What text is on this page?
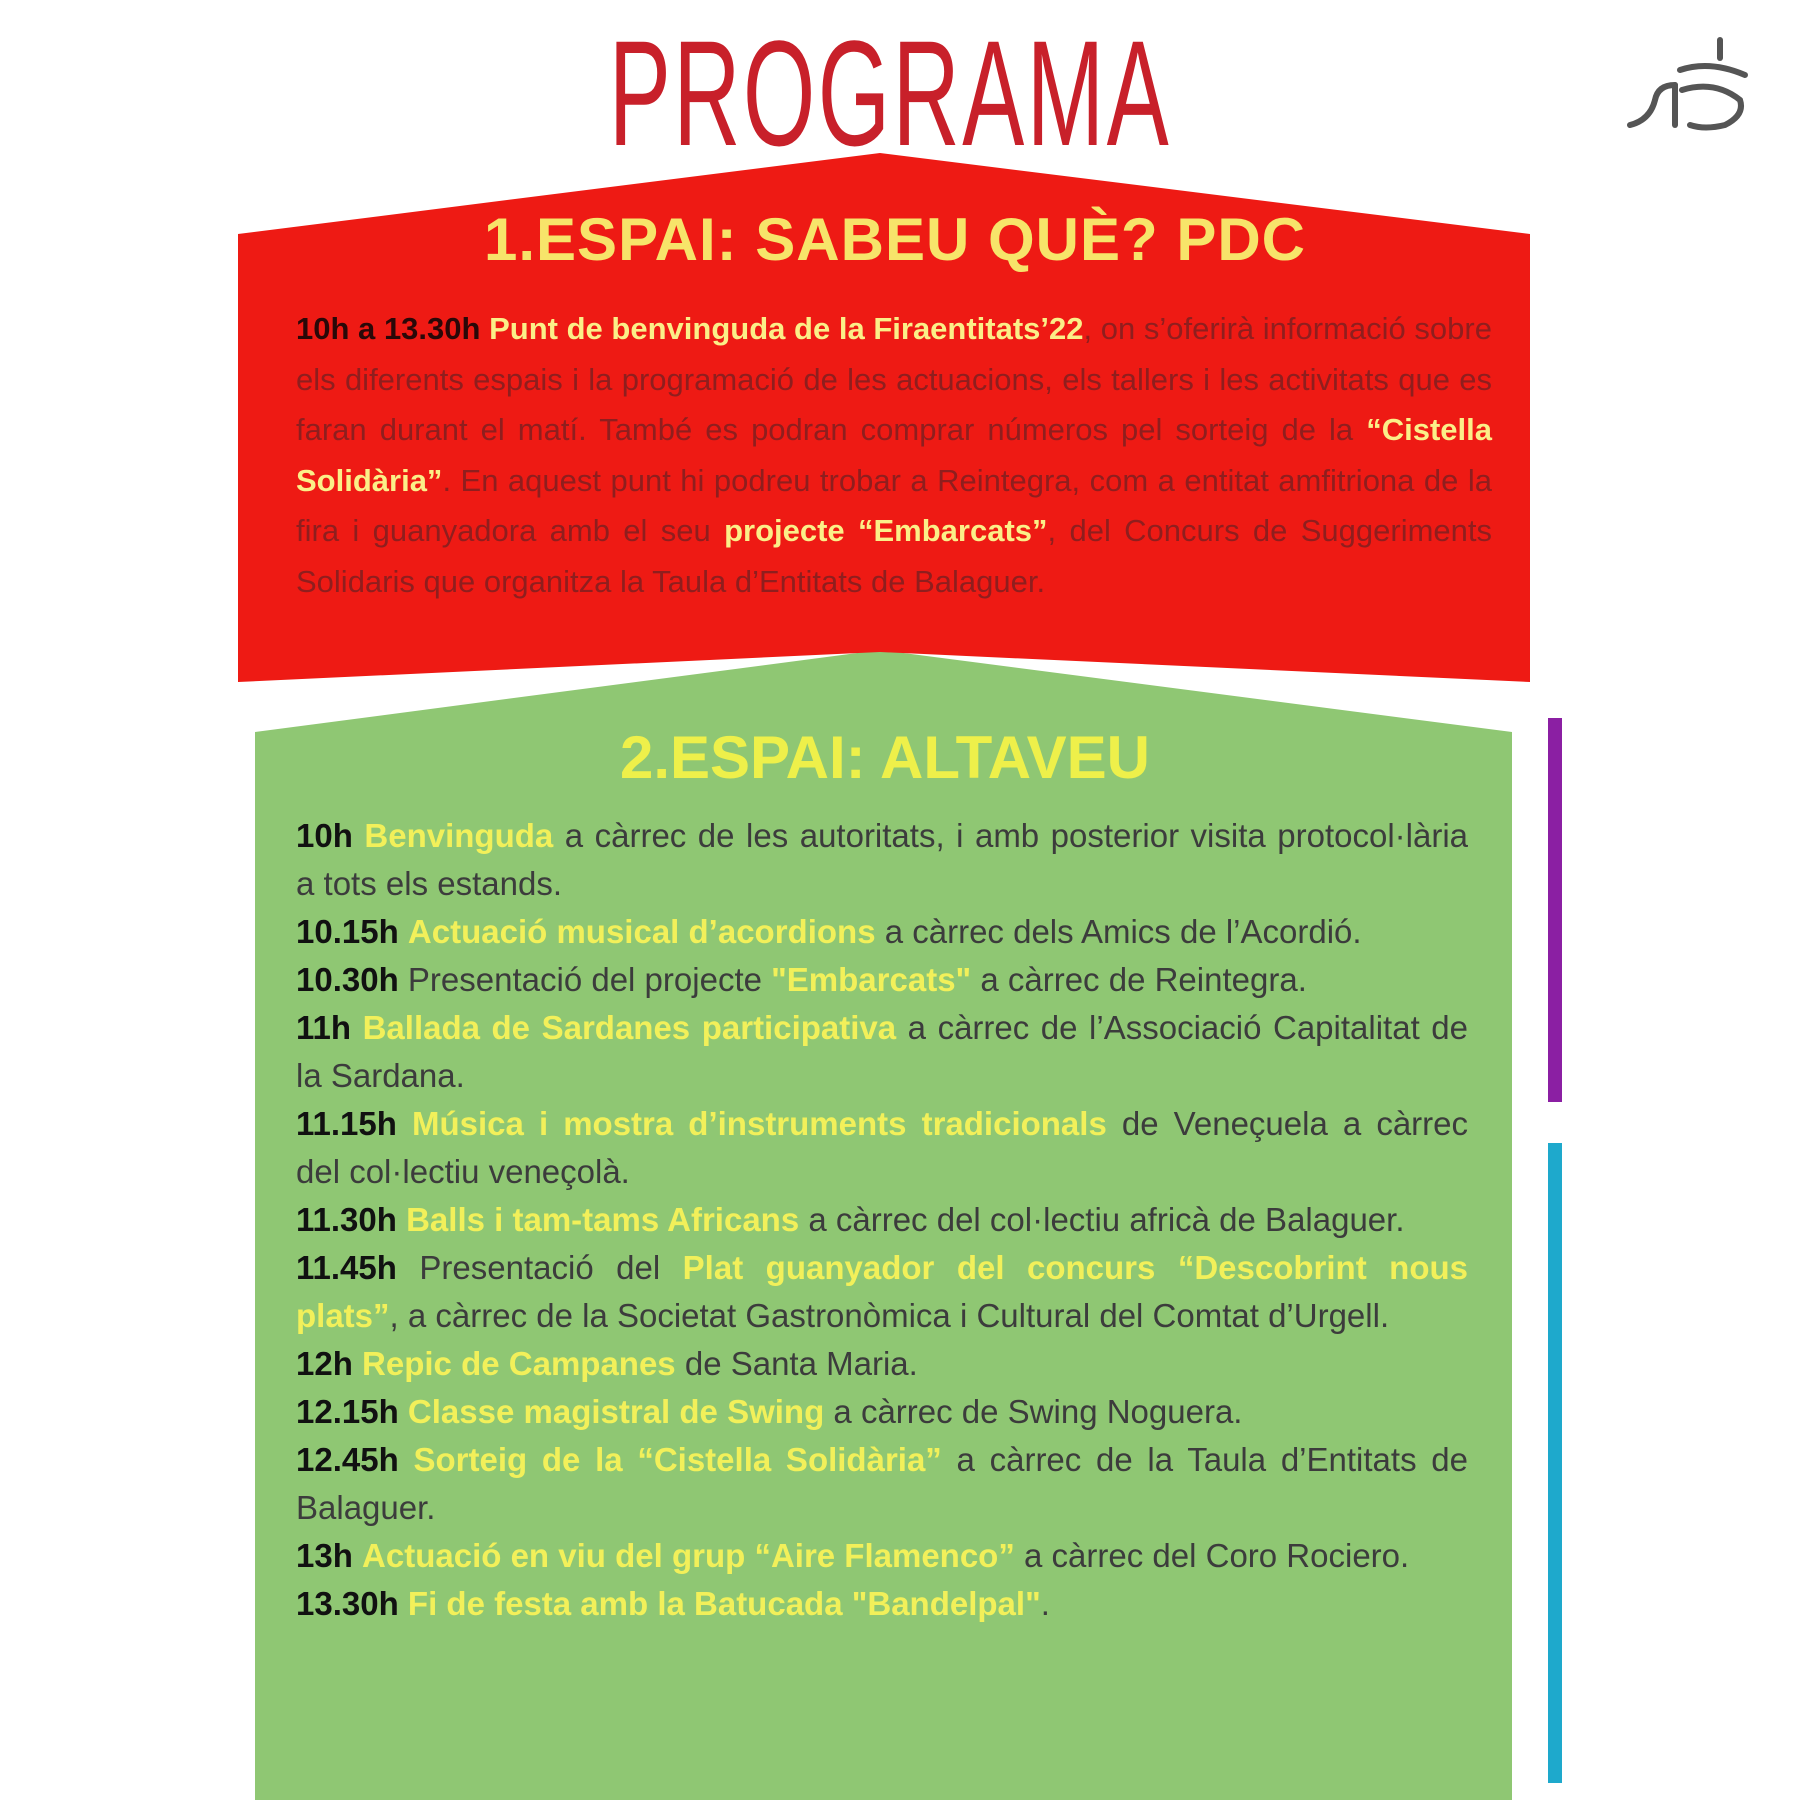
PROGRAMA
1.ESPAI: SABEU QUÈ? PDC
10h a 13.30h Punt de benvinguda de la Firaentitats’22, on s’oferirà informació sobre els diferents espais i la programació de les actuacions, els tallers i les activitats que es faran durant el matí. També es podran comprar números pel sorteig de la “Cistella Solidària”. En aquest punt hi podreu trobar a Reintegra, com a entitat amfitriona de la fira i guanyadora amb el seu projecte “Embarcats”, del Concurs de Suggeriments Solidaris que organitza la Taula d’Entitats de Balaguer.
2.ESPAI: ALTAVEU
10h Benvinguda a càrrec de les autoritats, i amb posterior visita protocol·lària a tots els estands.
10.15h Actuació musical d’acordions a càrrec dels Amics de l’Acordió.
10.30h Presentació del projecte "Embarcats" a càrrec de Reintegra.
11h Ballada de Sardanes participativa a càrrec de l’Associació Capitalitat de la Sardana.
11.15h Música i mostra d’instruments tradicionals de Veneçuela a càrrec del col·lectiu veneçolà.
11.30h Balls i tam-tams Africans a càrrec del col·lectiu africà de Balaguer.
11.45h Presentació del Plat guanyador del concurs “Descobrint nous plats”, a càrrec de la Societat Gastronòmica i Cultural del Comtat d’Urgell.
12h Repic de Campanes de Santa Maria.
12.15h Classe magistral de Swing a càrrec de Swing Noguera.
12.45h Sorteig de la “Cistella Solidària” a càrrec de la Taula d’Entitats de Balaguer.
13h Actuació en viu del grup “Aire Flamenco” a càrrec del Coro Rociero.
13.30h Fi de festa amb la Batucada "Bandelpal".
